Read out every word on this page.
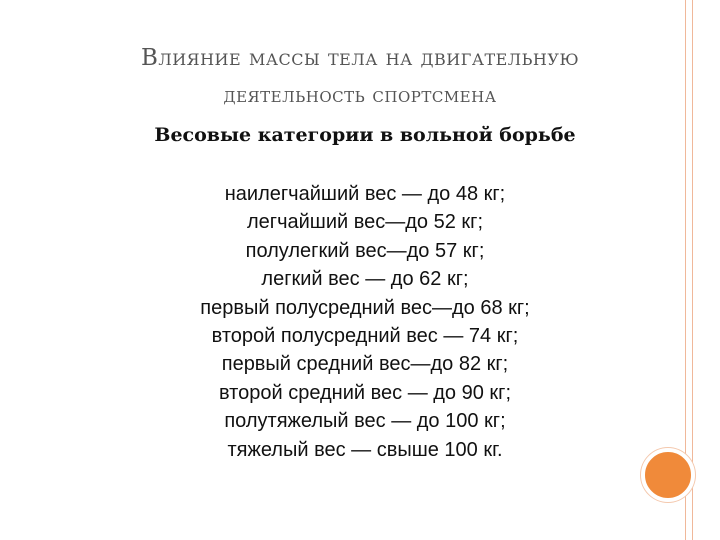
Влияние массы тела на двигательную
деятельность спортсмена
Весовые категории в вольной борьбе
наилегчайший вес — до 48 кг;
легчайший вес—до 52 кг;
полулегкий вес—до 57 кг;
легкий вес — до 62 кг;
первый полусредний вес—до 68 кг;
второй полусредний вес — 74 кг;
первый средний вес—до 82 кг;
второй средний вес — до 90 кг;
полутяжелый вес — до 100 кг;
тяжелый вес — свыше 100 кг.
